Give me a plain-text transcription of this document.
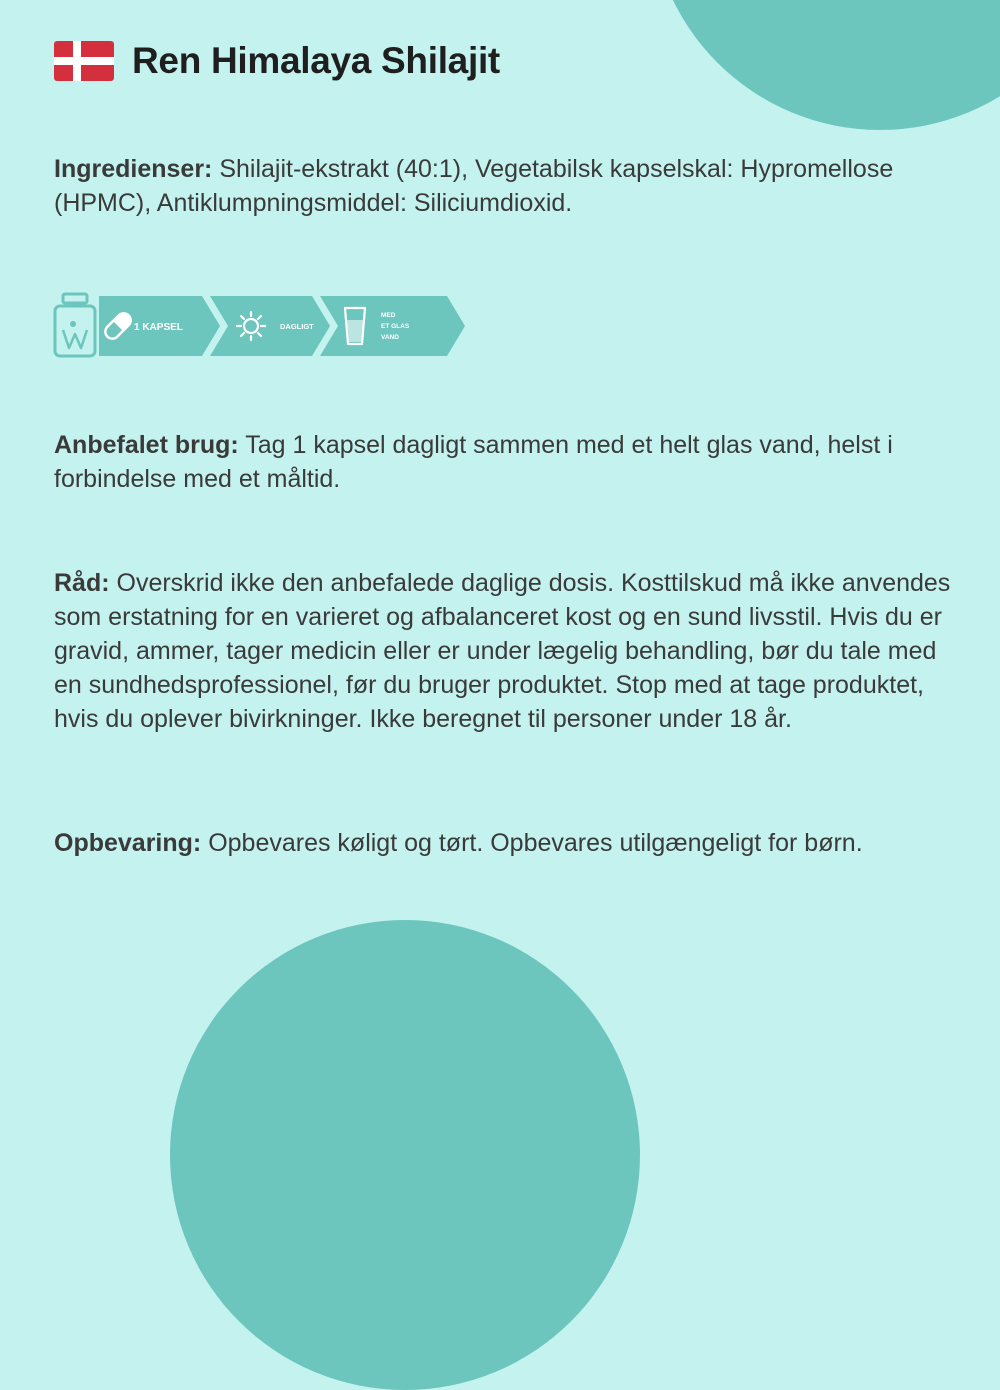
Ren Himalaya Shilajit
Ingredienser: Shilajit-ekstrakt (40:1), Vegetabilsk kapselskal: Hypromellose (HPMC), Antiklumpningsmiddel: Siliciumdioxid.
1 KAPSEL	DAGLIGT
MED
ET GLAS
VAND
Anbefalet brug: Tag 1 kapsel dagligt sammen med et helt glas vand, helst i forbindelse med et måltid.
Råd: Overskrid ikke den anbefalede daglige dosis. Kosttilskud må ikke anvendes som erstatning for en varieret og afbalanceret kost og en sund livsstil. Hvis du er gravid, ammer, tager medicin eller er under lægelig behandling, bør du tale med en sundhedsprofessionel, før du bruger produktet. Stop med at tage produktet, hvis du oplever bivirkninger. Ikke beregnet til personer under 18 år.
Opbevaring: Opbevares køligt og tørt. Opbevares utilgængeligt for børn.
